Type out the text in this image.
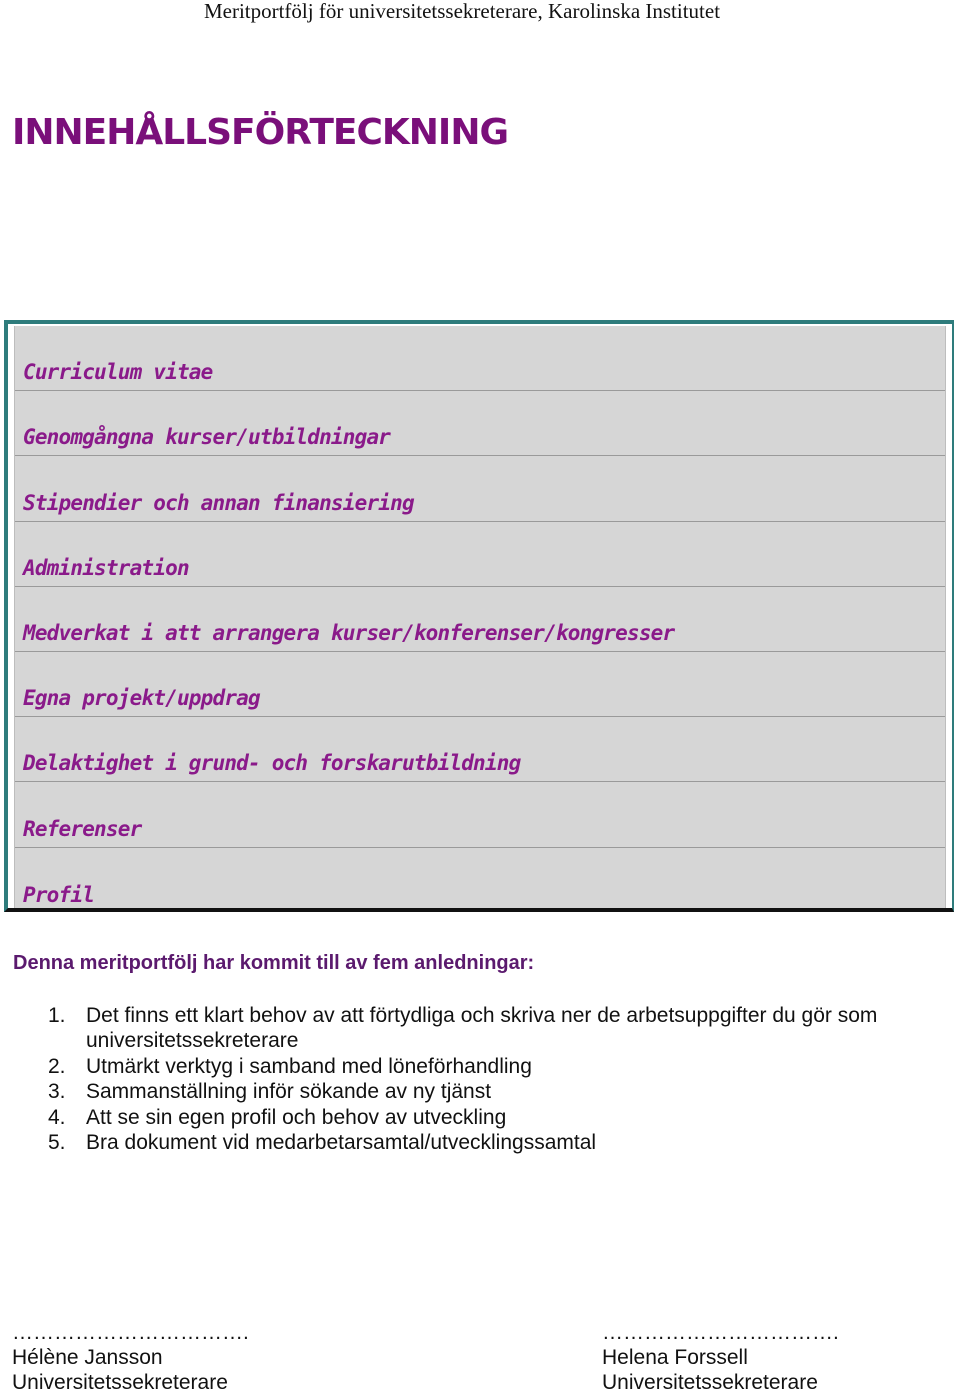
Meritportfölj för universitetssekreterare, Karolinska Institutet
INNEHÅLLSFÖRTECKNING
Curriculum vitae
Genomgångna kurser/utbildningar
Stipendier och annan finansiering
Administration
Medverkat i att arrangera kurser/konferenser/kongresser
Egna projekt/uppdrag
Delaktighet i grund- och forskarutbildning
Referenser
Profil
Denna meritportfölj har kommit till av fem anledningar:
1. Det finns ett klart behov av att förtydliga och skriva ner de arbetsuppgifter du gör som universitetssekreterare
2. Utmärkt verktyg i samband med löneförhandling
3. Sammanställning inför sökande av ny tjänst
4. Att se sin egen profil och behov av utveckling
5. Bra dokument vid medarbetarsamtal/utvecklingssamtal
…………………………….
Hélène Jansson
Universitetssekreterare
…………………………….
Helena Forssell
Universitetssekreterare
